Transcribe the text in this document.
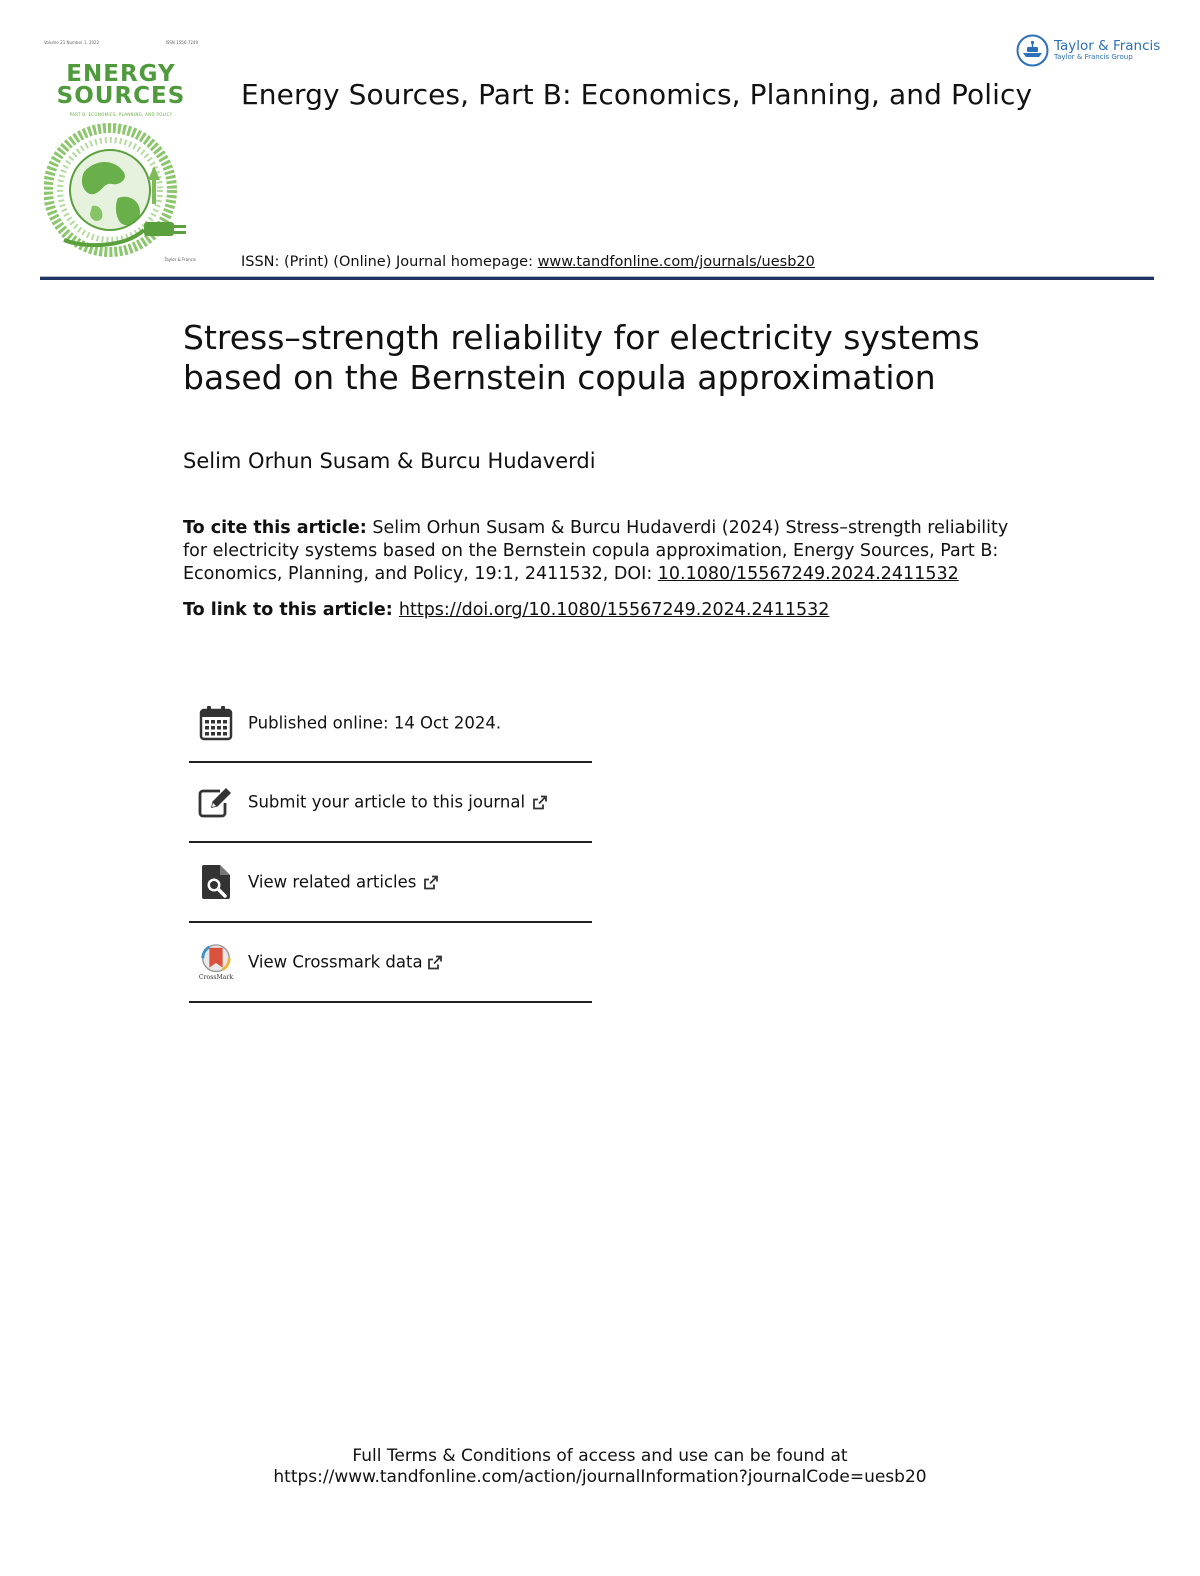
Volume 21 Number 1, 2022	ISSN 1556-7249
ENERGY
SOURCES
PART B: ECONOMICS, PLANNING, AND POLICY
Taylor & Francis
Taylor & Francis
Taylor & Francis Group
Energy Sources, Part B: Economics, Planning, and Policy
ISSN: (Print) (Online) Journal homepage: www.tandfonline.com/journals/uesb20
Stress–strength reliability for electricity systems based on the Bernstein copula approximation
Selim Orhun Susam & Burcu Hudaverdi
To cite this article: Selim Orhun Susam & Burcu Hudaverdi (2024) Stress–strength reliability for electricity systems based on the Bernstein copula approximation, Energy Sources, Part B: Economics, Planning, and Policy, 19:1, 2411532, DOI: 10.1080/15567249.2024.2411532
To link to this article: https://doi.org/10.1080/15567249.2024.2411532
Published online: 14 Oct 2024.
Submit your article to this journal
View related articles
CrossMark
View Crossmark data
Full Terms & Conditions of access and use can be found at
https://www.tandfonline.com/action/journalInformation?journalCode=uesb20
